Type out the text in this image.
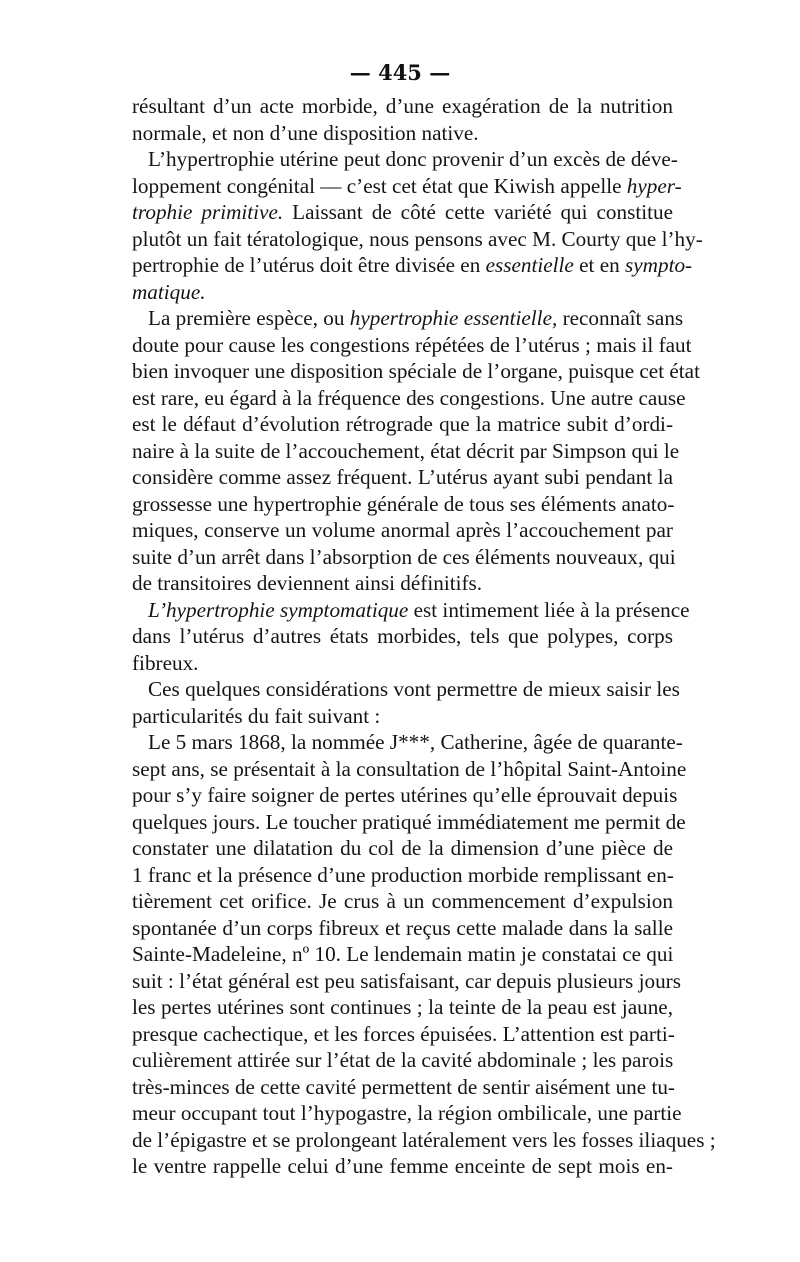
— 445 —
résultant d’un acte morbide, d’une exagération de la nutrition
normale, et non d’une disposition native.
L’hypertrophie utérine peut donc provenir d’un excès de déve-
loppement congénital — c’est cet état que Kiwish appelle hyper-
trophie primitive. Laissant de côté cette variété qui constitue
plutôt un fait tératologique, nous pensons avec M. Courty que l’hy-
pertrophie de l’utérus doit être divisée en essentielle et en sympto-
matique.
La première espèce, ou hypertrophie essentielle, reconnaît sans
doute pour cause les congestions répétées de l’utérus ; mais il faut
bien invoquer une disposition spéciale de l’organe, puisque cet état
est rare, eu égard à la fréquence des congestions. Une autre cause
est le défaut d’évolution rétrograde que la matrice subit d’ordi-
naire à la suite de l’accouchement, état décrit par Simpson qui le
considère comme assez fréquent. L’utérus ayant subi pendant la
grossesse une hypertrophie générale de tous ses éléments anato-
miques, conserve un volume anormal après l’accouchement par
suite d’un arrêt dans l’absorption de ces éléments nouveaux, qui
de transitoires deviennent ainsi définitifs.
L’hypertrophie symptomatique est intimement liée à la présence
dans l’utérus d’autres états morbides, tels que polypes, corps
fibreux.
Ces quelques considérations vont permettre de mieux saisir les
particularités du fait suivant :
Le 5 mars 1868, la nommée J***, Catherine, âgée de quarante-
sept ans, se présentait à la consultation de l’hôpital Saint-Antoine
pour s’y faire soigner de pertes utérines qu’elle éprouvait depuis
quelques jours. Le toucher pratiqué immédiatement me permit de
constater une dilatation du col de la dimension d’une pièce de
1 franc et la présence d’une production morbide remplissant en-
tièrement cet orifice. Je crus à un commencement d’expulsion
spontanée d’un corps fibreux et reçus cette malade dans la salle
Sainte-Madeleine, nº 10. Le lendemain matin je constatai ce qui
suit : l’état général est peu satisfaisant, car depuis plusieurs jours
les pertes utérines sont continues ; la teinte de la peau est jaune,
presque cachectique, et les forces épuisées. L’attention est parti-
culièrement attirée sur l’état de la cavité abdominale ; les parois
très-minces de cette cavité permettent de sentir aisément une tu-
meur occupant tout l’hypogastre, la région ombilicale, une partie
de l’épigastre et se prolongeant latéralement vers les fosses iliaques ;
le ventre rappelle celui d’une femme enceinte de sept mois en-
